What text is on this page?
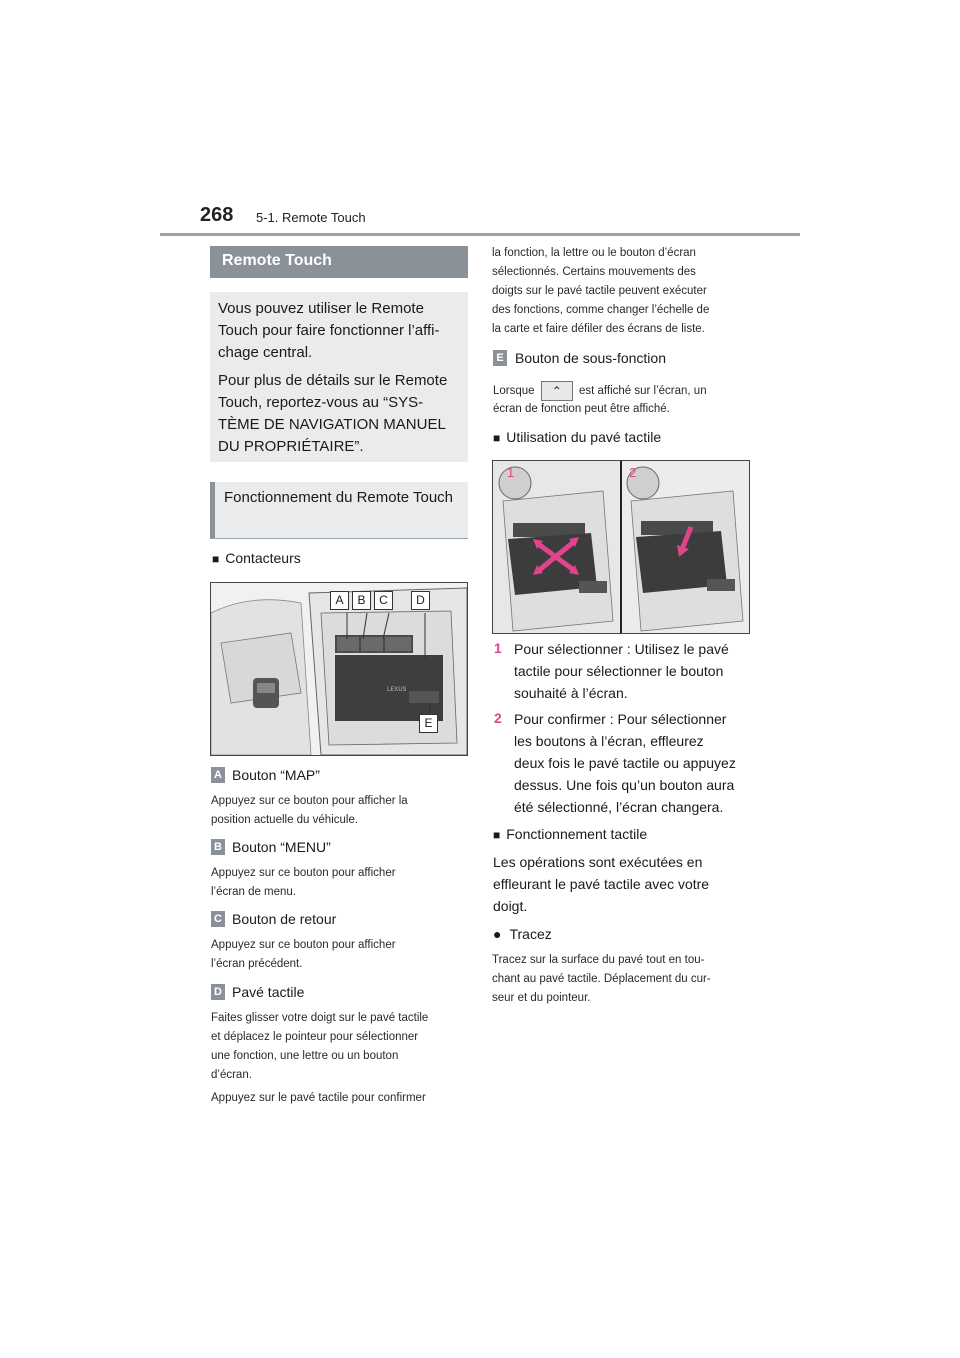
268 5-1. Remote Touch
Remote Touch
Vous pouvez utiliser le Remote Touch pour faire fonctionner l’affi-chage central.
Pour plus de détails sur le Remote Touch, reportez-vous au “SYS-TÈME DE NAVIGATION MANUEL DU PROPRIÉTAIRE”.
Fonctionnement du Remote Touch
■ Contacteurs
LEXUS
A	B	C	D
E
A Bouton “MAP”
Appuyez sur ce bouton pour afficher la
position actuelle du véhicule.
B Bouton “MENU”
Appuyez sur ce bouton pour afficher
l’écran de menu.
C Bouton de retour
Appuyez sur ce bouton pour afficher
l’écran précédent.
D Pavé tactile
Faites glisser votre doigt sur le pavé tactile
et déplacez le pointeur pour sélectionner
une fonction, une lettre ou un bouton
d’écran.
Appuyez sur le pavé tactile pour confirmer
la fonction, la lettre ou le bouton d’écran
sélectionnés. Certains mouvements des
doigts sur le pavé tactile peuvent exécuter
des fonctions, comme changer l’échelle de
la carte et faire défiler des écrans de liste.
E Bouton de sous-fonction
Lorsque ⌃ est affiché sur l’écran, un
écran de fonction peut être affiché.
■ Utilisation du pavé tactile
1	2
1 Pour sélectionner : Utilisez le pavé
tactile pour sélectionner le bouton
souhaité à l’écran.
2 Pour confirmer : Pour sélectionner
les boutons à l’écran, effleurez
deux fois le pavé tactile ou appuyez
dessus. Une fois qu’un bouton aura
été sélectionné, l’écran changera.
■ Fonctionnement tactile
Les opérations sont exécutées en
effleurant le pavé tactile avec votre
doigt.
● Tracez
Tracez sur la surface du pavé tout en tou-
chant au pavé tactile. Déplacement du cur-
seur et du pointeur.
